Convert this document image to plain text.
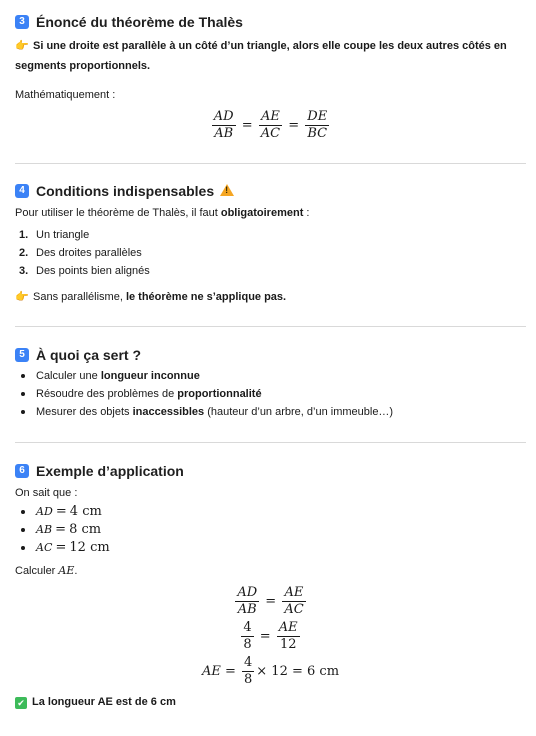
3 Énoncé du théorème de Thalès

👉 Si une droite est parallèle à un côté d’un triangle, alors elle coupe les deux autres côtés en segments proportionnels.

Mathématiquement :

$\frac{AD}{AB} = \frac{AE}{AC} = \frac{DE}{BC}$
4 Conditions indispensables
!

Pour utiliser le théorème de Thalès, il faut obligatoirement :

1. Un triangle
2. Des droites parallèles
3. Des points bien alignés

👉 Sans parallélisme, le théorème ne s’applique pas.

5 À quoi ça sert ?
Calculer une longueur inconnue
Résoudre des problèmes de proportionnalité
Mesurer des objets inaccessibles (hauteur d’un arbre, d’un immeuble…)
6 Exemple d’application

On sait que :

AD = 4 cm
AB = 8 cm
AC = 12 cm

Calculer AE.

$\frac{AD}{AB} = \frac{AE}{AC}$
$\frac{4}{8} = \frac{AE}{12}$
AE = $\frac{4}{8} \times 12 = 6$ cm

✔ La longueur AE est de 6 cm
